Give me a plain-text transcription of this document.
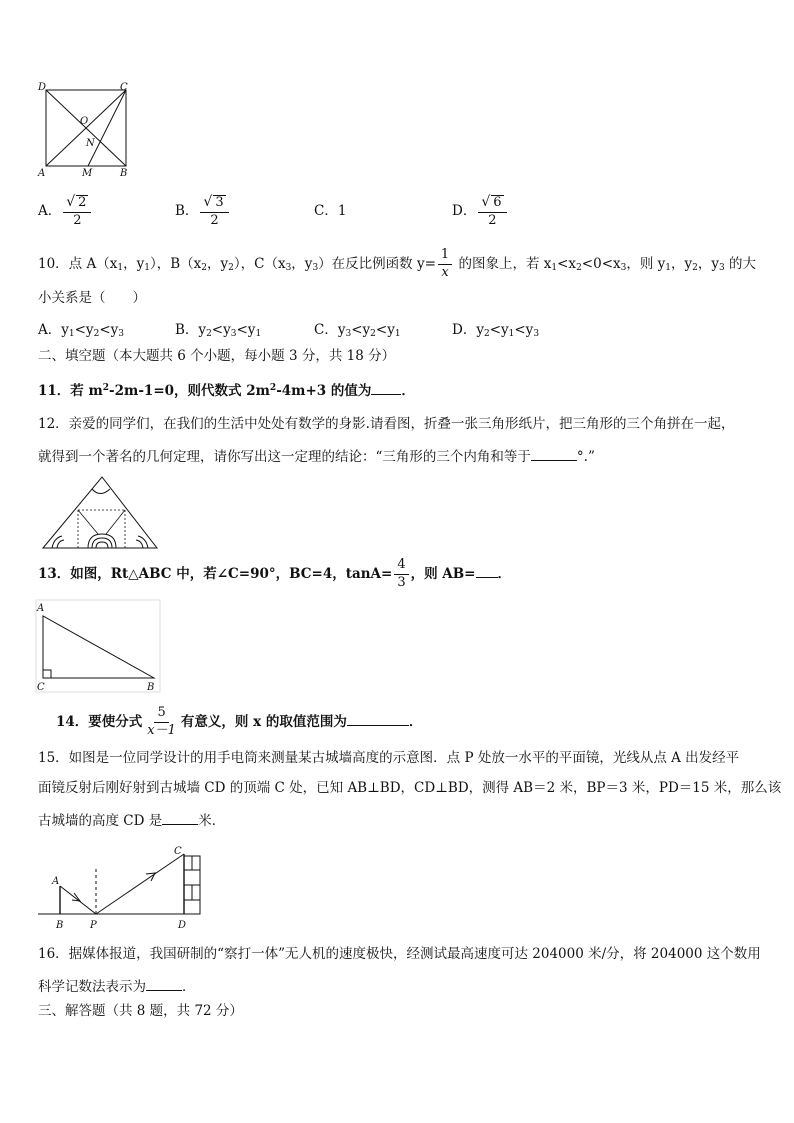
D	C
O
N
A	M	B
A． $\frac{√ 2}{2}$	B． $\frac{√ 3}{2}$	C．1	D． $\frac{√ 6}{2}$
10．点 $A(x_1$，$y_1$），$B(x_2$，$y_2$），$C(x_3$，$y_3$）在反比例函数 $y= \frac{1}{x}$ 的图象上，若 $x_1<x_2<0<x_3$，则 $y_1$，$y_2$，$y_3$ 的大
小关系是（　　）
A．$y_1<y_2<y_3$	B．$y_2<y_3<y_1$	C．$y_3<y_2<y_1$	D．$y_2<y_1<y_3$
二、填空题（本大题共 6 个小题，每小题 3 分，共 18 分）
11．若 $m^2-2m-1=0$，则代数式 $2m^2-4m+3$ 的值为 ．
12．亲爱的同学们，在我们的生活中处处有数学的身影.请看图，折叠一张三角形纸片，把三角形的三个角拼在一起，
就得到一个著名的几何定理，请你写出这一定理的结论：“三角形的三个内角和等于	°.”
13．如图，Rt△ABC 中，若∠C=90°，BC=4，$\tan A= \frac{4}{3}$ ，则 AB= ．
A
C	B
14．要使分式 $\frac{5}{x-1}$ 有意义，则 x 的取值范围为	．
15．如图是一位同学设计的用手电筒来测量某古城墙高度的示意图．点 P 处放一水平的平面镜，光线从点 A 出发经平
面镜反射后刚好射到古城墙 CD 的顶端 C 处，已知 AB⊥BD，CD⊥BD，测得 AB＝2 米，BP＝3 米，PD＝15 米，那么该
古城墙的高度 CD 是	米．
C
A
B	P	D
16．据媒体报道，我国研制的“察打一体”无人机的速度极快，经测试最高速度可达 204000 米/分，将 204000 这个数用
科学记数法表示为	．
三、解答题（共 8 题，共 72 分）
